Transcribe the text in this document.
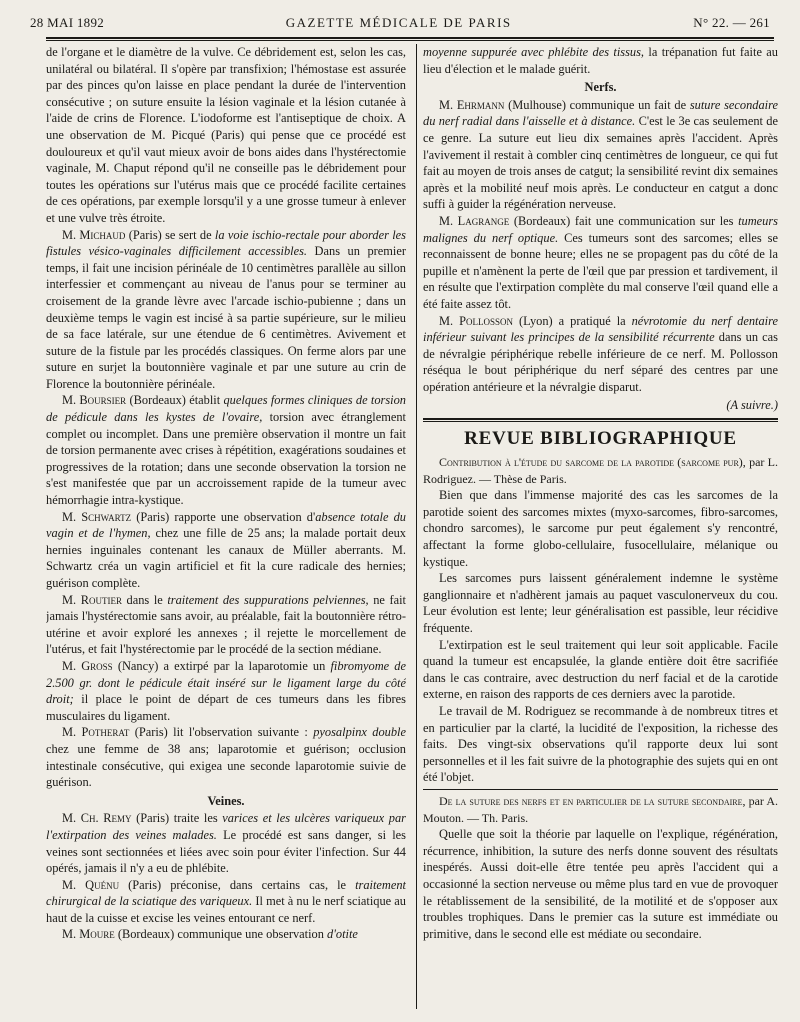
28 MAI 1892	GAZETTE MÉDICALE DE PARIS	N° 22. — 261

de l'organe et le diamètre de la vulve. Ce débridement est, selon les cas, unilatéral ou bilatéral. Il s'opère par transfixion; l'hémostase est assurée par des pinces qu'on laisse en place pendant la durée de l'intervention consécutive ; on suture ensuite la lésion vaginale et la lésion cutanée à l'aide de crins de Florence. L'iodoforme est l'antiseptique de choix. A une observation de M. Picqué (Paris) qui pense que ce procédé est douloureux et qu'il vaut mieux avoir de bons aides dans l'hystérectomie vaginale, M. Chaput répond qu'il ne conseille pas le débridement pour toutes les opérations sur l'utérus mais que ce procédé facilite certaines de ces opérations, par exemple lorsqu'il y a une grosse tumeur à enlever et une vulve très étroite.

M. Michaud (Paris) se sert de la voie ischio-rectale pour aborder les fistules vésico-vaginales difficilement accessibles. Dans un premier temps, il fait une incision périnéale de 10 centimètres parallèle au sillon interfessier et commençant au niveau de l'anus pour se terminer au croisement de la grande lèvre avec l'arcade ischio-pubienne ; dans un deuxième temps le vagin est incisé à sa partie supérieure, sur le milieu de sa face latérale, sur une étendue de 6 centimètres. Avivement et suture de la fistule par les procédés classiques. On ferme alors par une suture en surjet la boutonnière vaginale et par une suture au crin de Florence la boutonnière périnéale.

M. Boursier (Bordeaux) établit quelques formes cliniques de torsion de pédicule dans les kystes de l'ovaire, torsion avec étranglement complet ou incomplet. Dans une première observation il montre un fait de torsion permanente avec crises à répétition, exagérations soudaines et progressives de la rotation; dans une seconde observation la torsion ne s'est manifestée que par un accroissement rapide de la tumeur avec hémorrhagie intra-kystique.

M. Schwartz (Paris) rapporte une observation d'absence totale du vagin et de l'hymen, chez une fille de 25 ans; la malade portait deux hernies inguinales contenant les canaux de Müller aberrants. M. Schwartz créa un vagin artificiel et fit la cure radicale des hernies; guérison complète.

M. Routier dans le traitement des suppurations pelviennes, ne fait jamais l'hystérectomie sans avoir, au préalable, fait la boutonnière rétro-utérine et avoir exploré les annexes ; il rejette le morcellement de l'utérus, et fait l'hystérectomie par le procédé de la section médiane.

M. Gross (Nancy) a extirpé par la laparotomie un fibromyome de 2.500 gr. dont le pédicule était inséré sur le ligament large du côté droit; il place le point de départ de ces tumeurs dans les fibres musculaires du ligament.

M. Potherat (Paris) lit l'observation suivante : pyosalpinx double chez une femme de 38 ans; laparotomie et guérison; occlusion intestinale consécutive, qui exigea une seconde laparotomie suivie de guérison.

Veines.

M. Ch. Remy (Paris) traite les varices et les ulcères variqueux par l'extirpation des veines malades. Le procédé est sans danger, si les veines sont sectionnées et liées avec soin pour éviter l'infection. Sur 44 opérés, jamais il n'y a eu de phlébite.

M. Quénu (Paris) préconise, dans certains cas, le traitement chirurgical de la sciatique des variqueux. Il met à nu le nerf sciatique au haut de la cuisse et excise les veines entourant ce nerf.

M. Moure (Bordeaux) communique une observation d'otite

moyenne suppurée avec phlébite des tissus, la trépanation fut faite au lieu d'élection et le malade guérit.

Nerfs.

M. Ehrmann (Mulhouse) communique un fait de suture secondaire du nerf radial dans l'aisselle et à distance. C'est le 3e cas seulement de ce genre. La suture eut lieu dix semaines après l'accident. Après l'avivement il restait à combler cinq centimètres de longueur, ce qui fut fait au moyen de trois anses de catgut; la sensibilité revint dix semaines après et la mobilité neuf mois après. Le conducteur en catgut a donc suffi à guider la régénération nerveuse.

M. Lagrange (Bordeaux) fait une communication sur les tumeurs malignes du nerf optique. Ces tumeurs sont des sarcomes; elles se reconnaissent de bonne heure; elles ne se propagent pas du côté de la pupille et n'amènent la perte de l'œil que par pression et tardivement, il en résulte que l'extirpation complète du mal conserve l'œil quand elle a été faite assez tôt.

M. Pollosson (Lyon) a pratiqué la névrotomie du nerf dentaire inférieur suivant les principes de la sensibilité récurrente dans un cas de névralgie périphérique rebelle inférieure de ce nerf. M. Pollosson réséqua le bout périphérique du nerf séparé des centres par une opération antérieure et la névralgie disparut.

(A suivre.)
REVUE BIBLIOGRAPHIQUE

Contribution à l'étude du sarcome de la parotide (sarcome pur), par L. Rodriguez. — Thèse de Paris.

Bien que dans l'immense majorité des cas les sarcomes de la parotide soient des sarcomes mixtes (myxo-sarcomes, fibro-sarcomes, chondro sarcomes), le sarcome pur peut également s'y rencontré, affectant la forme globo-cellulaire, fusocellulaire, mélanique ou kystique.

Les sarcomes purs laissent généralement indemne le système ganglionnaire et n'adhèrent jamais au paquet vasculonerveux du cou. Leur évolution est lente; leur généralisation est passible, leur récidive fréquente.

L'extirpation est le seul traitement qui leur soit applicable. Facile quand la tumeur est encapsulée, la glande entière doit être sacrifiée dans le cas contraire, avec destruction du nerf facial et de la carotide externe, en raison des rapports de ces derniers avec la parotide.

Le travail de M. Rodriguez se recommande à de nombreux titres et en particulier par la clarté, la lucidité de l'exposition, la richesse des faits. Des vingt-six observations qu'il rapporte deux lui sont personnelles et il les fait suivre de la photographie des sujets qui en ont été l'objet.

De la suture des nerfs et en particulier de la suture secondaire, par A. Mouton. — Th. Paris.

Quelle que soit la théorie par laquelle on l'explique, régénération, récurrence, inhibition, la suture des nerfs donne souvent des résultats inespérés. Aussi doit-elle être tentée peu après l'accident qui a occasionné la section nerveuse ou même plus tard en vue de provoquer le rétablissement de la sensibilité, de la motilité et de s'opposer aux troubles trophiques. Dans le premier cas la suture est immédiate ou primitive, dans le second elle est médiate ou secondaire.
